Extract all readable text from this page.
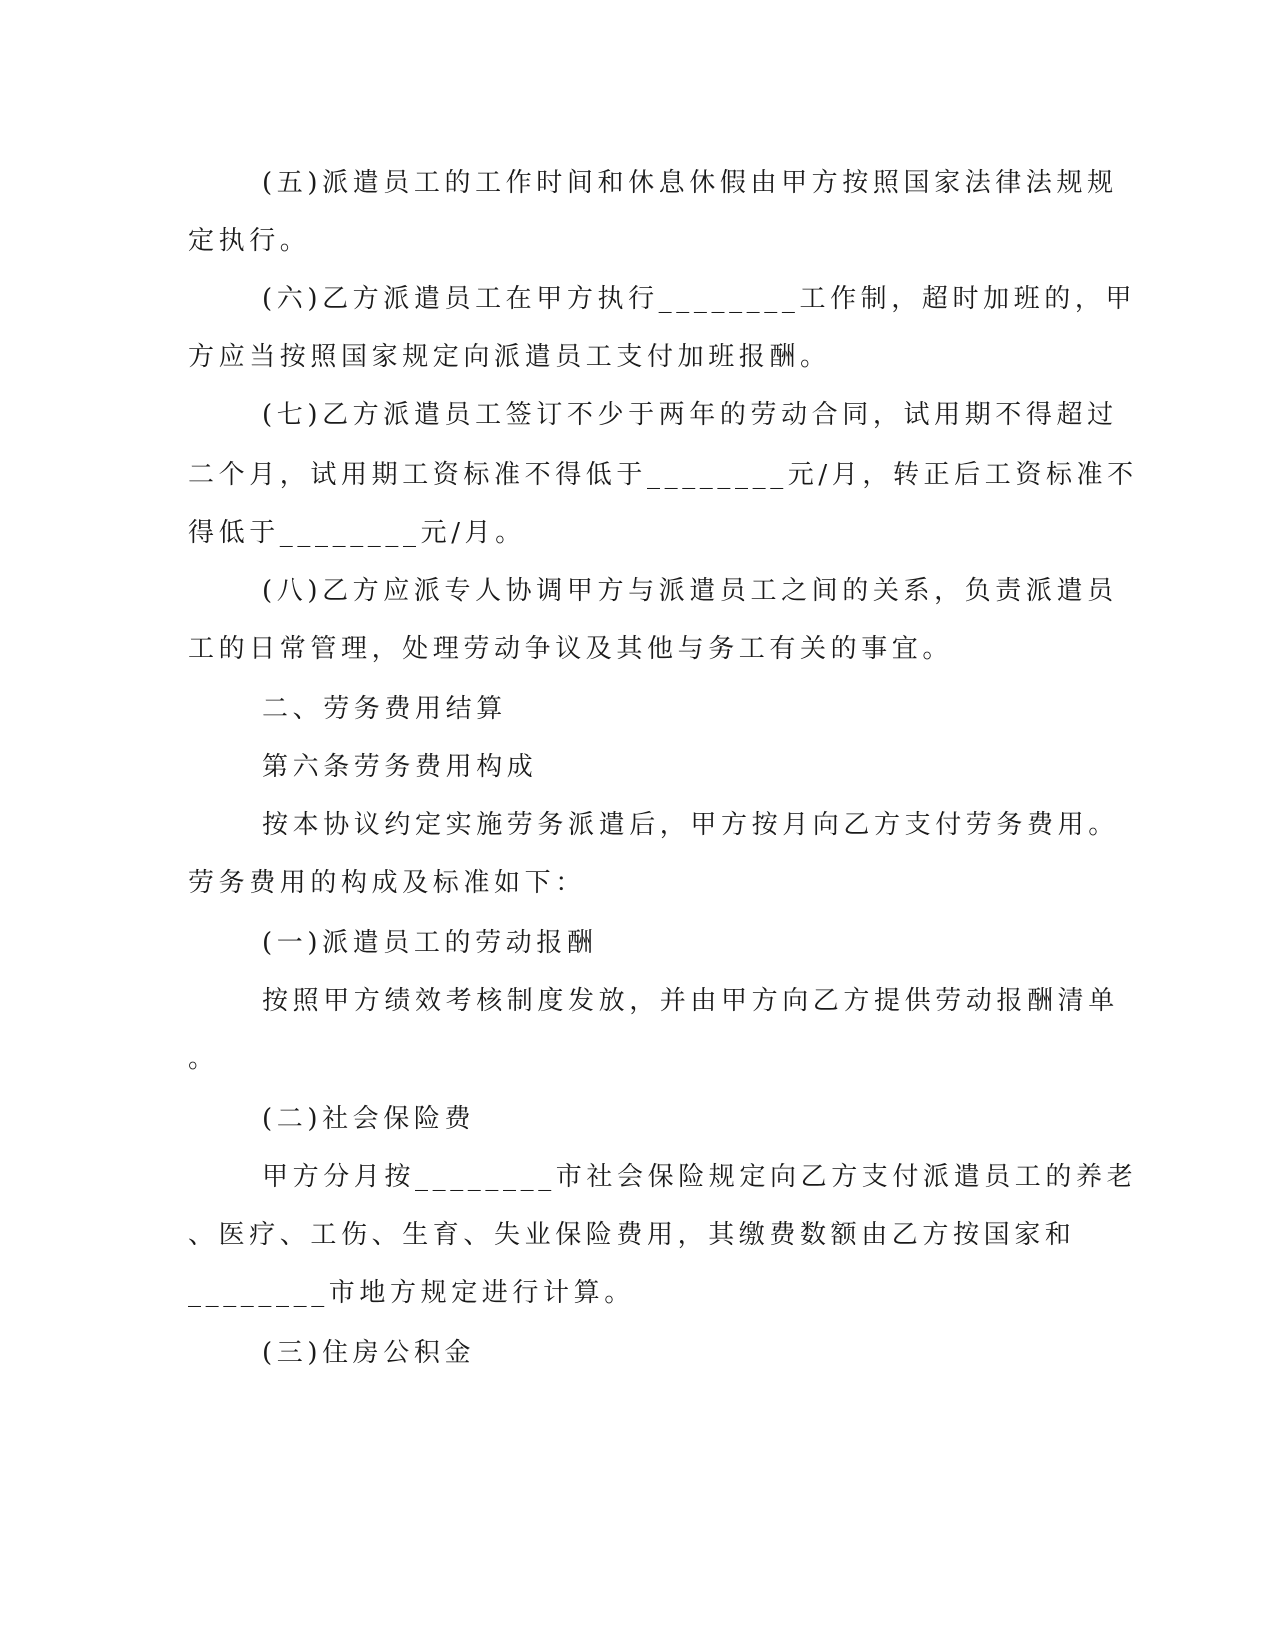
(五)派遣员工的工作时间和休息休假由甲方按照国家法律法规规
定执行。
(六)乙方派遣员工在甲方执行________工作制，超时加班的，甲
方应当按照国家规定向派遣员工支付加班报酬。
(七)乙方派遣员工签订不少于两年的劳动合同，试用期不得超过
二个月，试用期工资标准不得低于________元/月，转正后工资标准不
得低于________元/月。
(八)乙方应派专人协调甲方与派遣员工之间的关系，负责派遣员
工的日常管理，处理劳动争议及其他与务工有关的事宜。
二、劳务费用结算
第六条劳务费用构成
按本协议约定实施劳务派遣后，甲方按月向乙方支付劳务费用。
劳务费用的构成及标准如下：
(一)派遣员工的劳动报酬
按照甲方绩效考核制度发放，并由甲方向乙方提供劳动报酬清单
。
(二)社会保险费
甲方分月按________市社会保险规定向乙方支付派遣员工的养老
、医疗、工伤、生育、失业保险费用，其缴费数额由乙方按国家和
________市地方规定进行计算。
(三)住房公积金
